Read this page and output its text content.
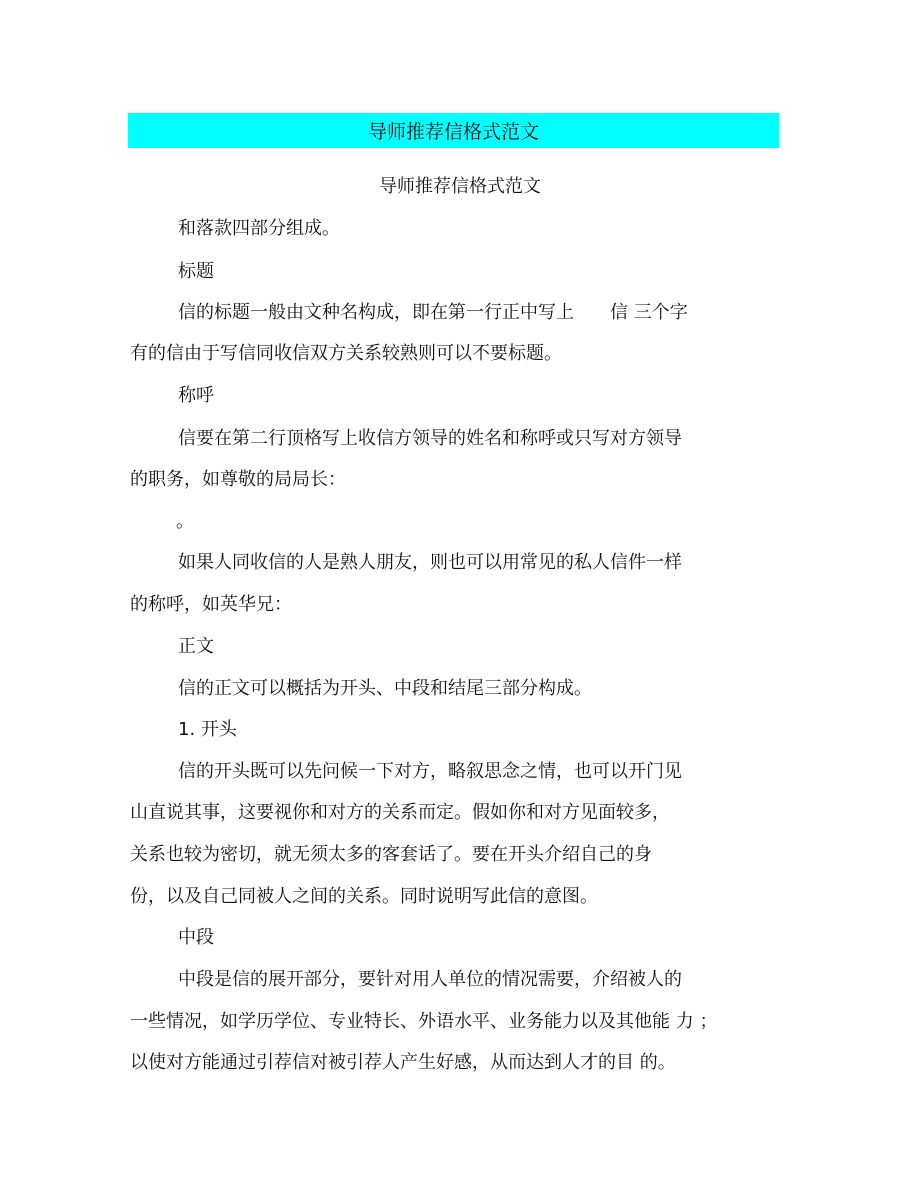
导师推荐信格式范文
导师推荐信格式范文
和落款四部分组成。
标题
信的标题一般由文种名构成，即在第一行正中写上　　信 三个字
有的信由于写信同收信双方关系较熟则可以不要标题。
称呼
信要在第二行顶格写上收信方领导的姓名和称呼或只写对方领导
的职务，如尊敬的局局长：
。
如果人同收信的人是熟人朋友，则也可以用常见的私人信件一样
的称呼，如英华兄：
正文
信的正文可以概括为开头、中段和结尾三部分构成。
1. 开头
信的开头既可以先问候一下对方，略叙思念之情，也可以开门见
山直说其事，这要视你和对方的关系而定。假如你和对方见面较多，
关系也较为密切，就无须太多的客套话了。要在开头介绍自己的身
份，以及自己同被人之间的关系。同时说明写此信的意图。
中段
中段是信的展开部分，要针对用人单位的情况需要，介绍被人的
一些情况，如学历学位、专业特长、外语水平、业务能力以及其他能 力 ；
以使对方能通过引荐信对被引荐人产生好感，从而达到人才的目 的。
